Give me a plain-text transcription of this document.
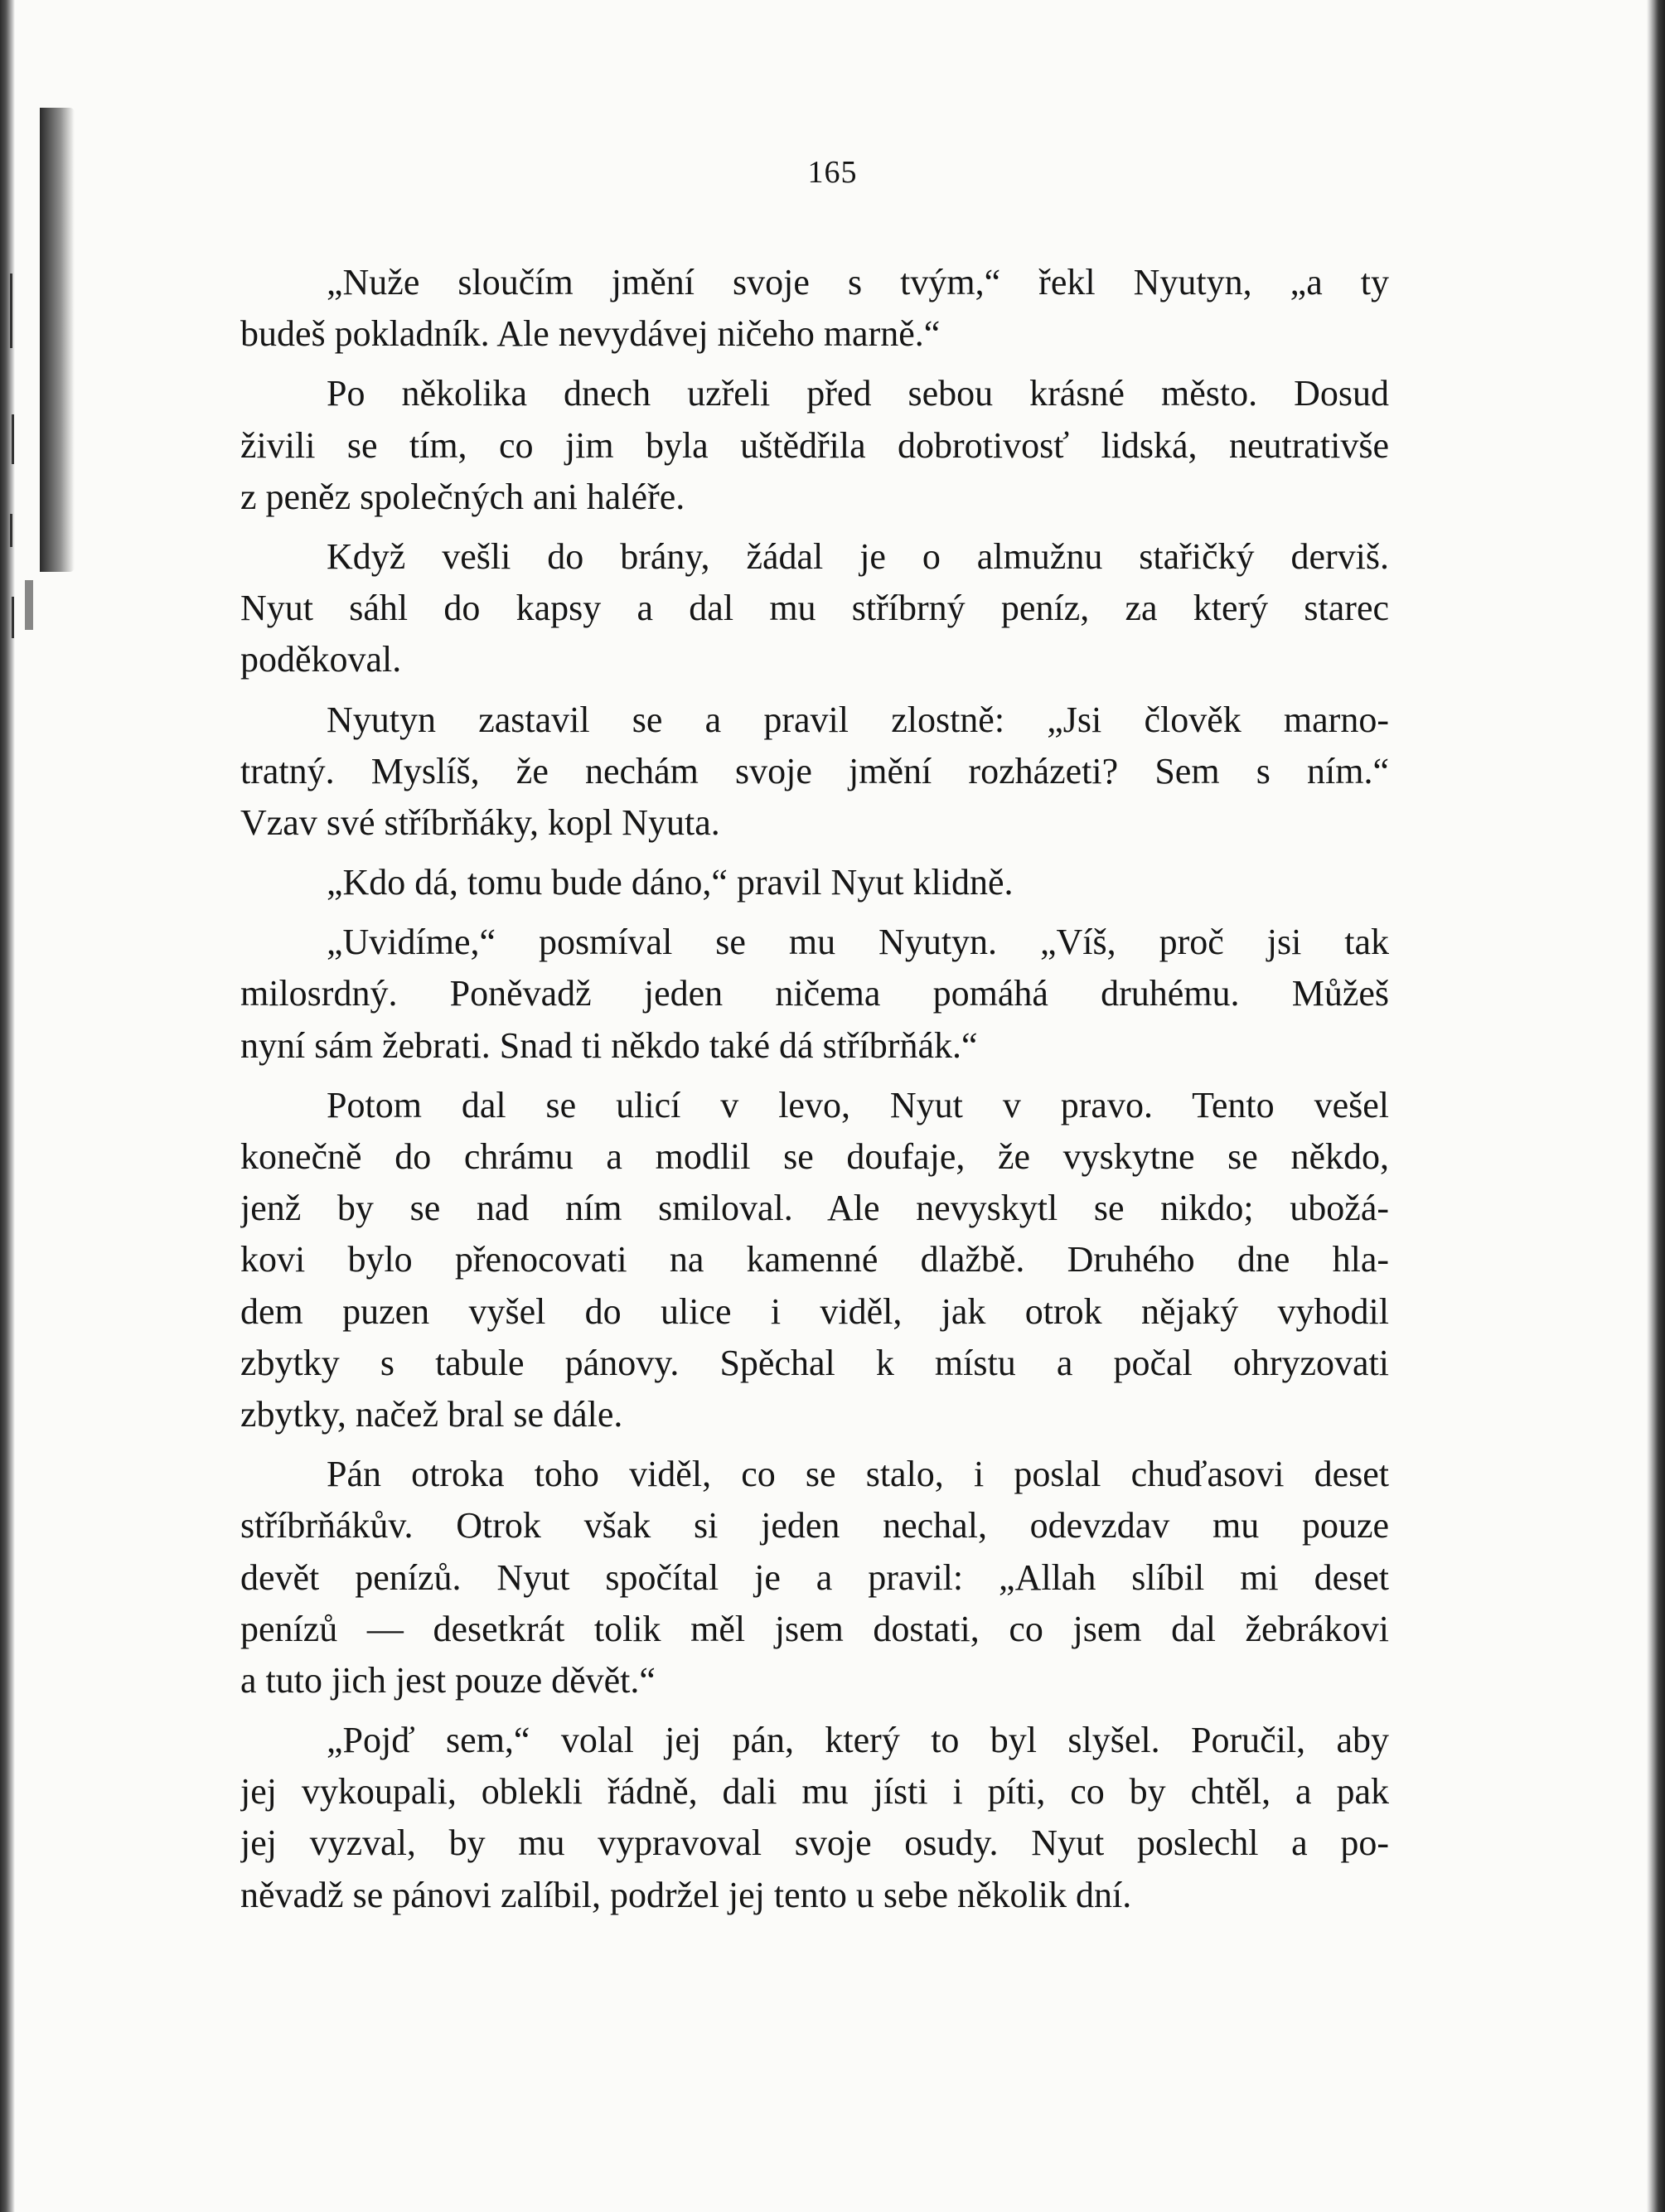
165
„Nuže sloučím jmění svoje s tvým,“ řekl Nyutyn, „a ty
budeš pokladník. Ale nevydávej ničeho marně.“
Po několika dnech uzřeli před sebou krásné město. Dosud
živili se tím, co jim byla uštědřila dobrotivosť lidská, neutrativše
z peněz společných ani haléře.
Když vešli do brány, žádal je o almužnu stařičký derviš.
Nyut sáhl do kapsy a dal mu stříbrný peníz, za který starec
poděkoval.
Nyutyn zastavil se a pravil zlostně: „Jsi člověk marno-
tratný. Myslíš, že nechám svoje jmění rozházeti? Sem s ním.“
Vzav své stříbrňáky, kopl Nyuta.
„Kdo dá, tomu bude dáno,“ pravil Nyut klidně.
„Uvidíme,“ posmíval se mu Nyutyn. „Víš, proč jsi tak
milosrdný. Poněvadž jeden ničema pomáhá druhému. Můžeš
nyní sám žebrati. Snad ti někdo také dá stříbrňák.“
Potom dal se ulicí v levo, Nyut v pravo. Tento vešel
konečně do chrámu a modlil se doufaje, že vyskytne se někdo,
jenž by se nad ním smiloval. Ale nevyskytl se nikdo; ubožá-
kovi bylo přenocovati na kamenné dlažbě. Druhého dne hla-
dem puzen vyšel do ulice i viděl, jak otrok nějaký vyhodil
zbytky s tabule pánovy. Spěchal k místu a počal ohryzovati
zbytky, načež bral se dále.
Pán otroka toho viděl, co se stalo, i poslal chuďasovi deset
stříbrňákův. Otrok však si jeden nechal, odevzdav mu pouze
devět penízů. Nyut spočítal je a pravil: „Allah slíbil mi deset
penízů — desetkrát tolik měl jsem dostati, co jsem dal žebrákovi
a tuto jich jest pouze děvět.“
„Pojď sem,“ volal jej pán, který to byl slyšel. Poručil, aby
jej vykoupali, oblekli řádně, dali mu jísti i píti, co by chtěl, a pak
jej vyzval, by mu vypravoval svoje osudy. Nyut poslechl a po-
něvadž se pánovi zalíbil, podržel jej tento u sebe několik dní.
